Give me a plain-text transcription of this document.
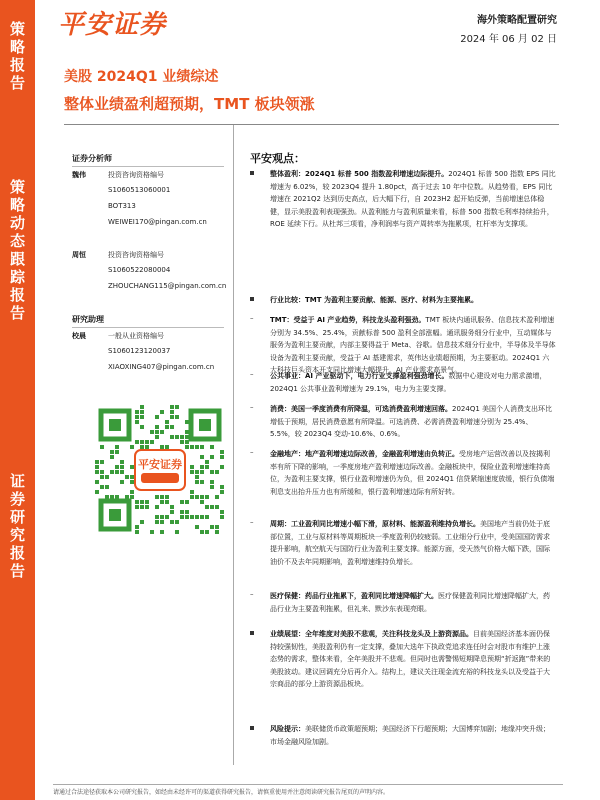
策
略
报
告
策
略
动
态
跟
踪
报
告
证
券
研
究
报
告
平安证券	海外策略配置研究
2024 年 06 月 02 日
美股 2024Q1 业绩综述
整体业绩盈利超预期，TMT 板块领涨
证券分析师
魏伟	投资咨询资格编号
S1060513060001
BOT313
WEIWEI170@pingan.com.cn
周恒	投资咨询资格编号
S1060522080004
ZHOUCHANG115@pingan.com.cn
研究助理
校晨	一般从业资格编号
S1060123120037
XIAOXING407@pingan.com.cn
平安证券
平安观点：
整体盈利：2024Q1 标普 500 指数盈利增速边际提升。2024Q1 标普 500 指数 EPS 同比增速为 6.02%，较 2023Q4 提升 1.80pct，高于过去 10 年中位数。从趋势看，EPS 同比增速在 2021Q2 达到历史高点，后大幅下行，自 2023H2 起开始反弹，当前增速总体稳健，显示美股盈利表现强劲。从盈利能力与盈利质量来看，标普 500 指数毛利率持续抬升，ROE 延续下行。从杜邦三项看，净利润率与资产周转率为拖累项，杠杆率为支撑项。
行业比较：TMT 为盈利主要贡献、能源、医疗、材料为主要拖累。
– TMT：受益于 AI 产业趋势，科技龙头盈利强劲。TMT 板块内通讯服务、信息技术盈利增速分别为 34.5%、25.4%，贡献标普 500 盈利全部涨幅。通讯服务细分行业中，互动媒体与服务为盈利主要贡献，内部主要得益于 Meta、谷歌。信息技术细分行业中，半导体及半导体设备为盈利主要贡献，受益于 AI 基建需求，英伟达业绩超预期，为主要驱动。2024Q1 六大科技巨头资本开支同比增速大幅提升，AI 产业需求高景气。
– 公共事业：AI 产业驱动下，电力行业支撑盈利强劲增长。数据中心建设对电力需求激增，2024Q1 公共事业盈利增速为 29.1%，电力为主要支撑。
– 消费：美国一季度消费有所降温，可选消费盈利增速回落。2024Q1 美国个人消费支出环比增低于预期，居民消费意愿有所降温。可选消费、必需消费盈利增速分别为 25.4%、5.5%，较 2023Q4 变动-10.6%、0.6%。
– 金融地产：地产盈利增速边际改善，金融盈利增速由负转正。受房地产运营改善以及按揭利率有所下降的影响，一季度房地产盈利增速边际改善。金融板块中，保险业盈利增速维持高位，为盈利主要支撑，银行业盈利增速仍为负，但 2024Q1 信贷紧缩速度放缓，银行负债端利息支出抬升压力也有所缓和，银行盈利增速边际有所好转。
– 周期：工业盈利同比增速小幅下滑，原材料、能源盈利维持负增长。美国地产当前仍处于底部位置，工业与原材料等周期板块一季度盈利仍较疲弱。工业细分行业中，受美国国防需求提升影响，航空航天与国防行业为盈利主要支撑。能源方面，受天然气价格大幅下跌，国际油价不及去年同期影响，盈利增速维持负增长。
– 医疗保健：药品行业拖累下，盈利同比增速降幅扩大。医疗保健盈利同比增速降幅扩大，药品行业为主要盈利拖累，但礼来、默沙东表现亮眼。
业绩展望：全年维度对美股不悲观，关注科技龙头及上游资源品。目前美国经济基本面仍保持较强韧性，美股盈利仍有一定支撑，叠加大选年下执政党追求连任时会对股市有维护上涨态势的需求，整体来看，全年美股并不悲观。但同时也需警惕短期降息预期“折返跑”带来的美股波动。建议回调充分后再介入。结构上，建议关注现金流充裕的科技龙头以及受益于大宗商品的部分上游资源品板块。
风险提示：美联储货币政策超预期；美国经济下行超预期；大国博弈加剧；地缘冲突升级；市场金融风险加剧。
请通过合法途径获取本公司研究报告，如经由未经许可的渠道获得研究报告，请慎重使用并注意阅读研究报告尾页的声明内容。
